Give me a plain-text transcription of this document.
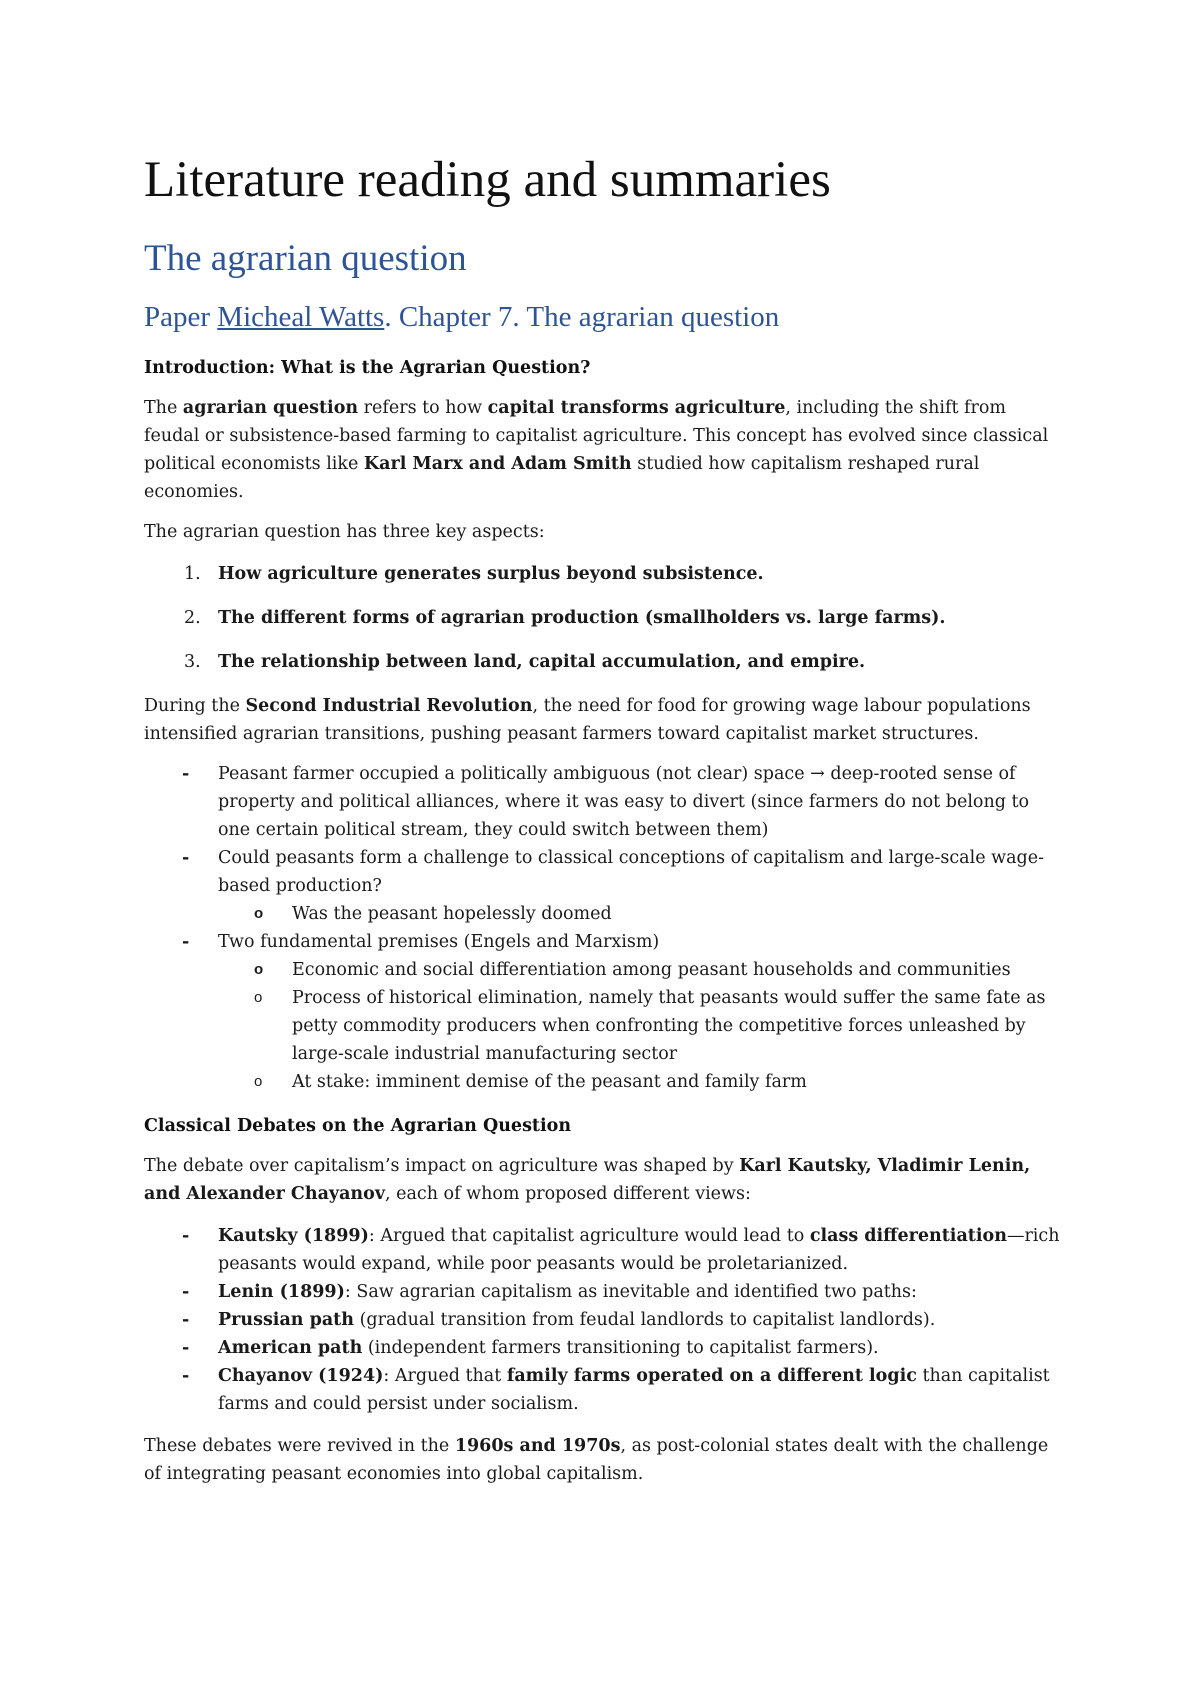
Literature reading and summaries
The agrarian question
Paper Micheal Watts. Chapter 7. The agrarian question
Introduction: What is the Agrarian Question?

The agrarian question refers to how capital transforms agriculture, including the shift from feudal or subsistence-based farming to capitalist agriculture. This concept has evolved since classical political economists like Karl Marx and Adam Smith studied how capitalism reshaped rural economies.

The agrarian question has three key aspects:

1. How agriculture generates surplus beyond subsistence.
2. The different forms of agrarian production (smallholders vs. large farms).
3. The relationship between land, capital accumulation, and empire.

During the Second Industrial Revolution, the need for food for growing wage labour populations intensified agrarian transitions, pushing peasant farmers toward capitalist market structures.

- Peasant farmer occupied a politically ambiguous (not clear) space → deep-rooted sense of property and political alliances, where it was easy to divert (since farmers do not belong to one certain political stream, they could switch between them)
- Could peasants form a challenge to classical conceptions of capitalism and large-scale wage-based production?
o Was the peasant hopelessly doomed
- Two fundamental premises (Engels and Marxism)
o Economic and social differentiation among peasant households and communities
o Process of historical elimination, namely that peasants would suffer the same fate as petty commodity producers when confronting the competitive forces unleashed by large-scale industrial manufacturing sector
o At stake: imminent demise of the peasant and family farm
Classical Debates on the Agrarian Question

The debate over capitalism’s impact on agriculture was shaped by Karl Kautsky, Vladimir Lenin, and Alexander Chayanov, each of whom proposed different views:

- Kautsky (1899): Argued that capitalist agriculture would lead to class differentiation—rich peasants would expand, while poor peasants would be proletarianized.
- Lenin (1899): Saw agrarian capitalism as inevitable and identified two paths:
- Prussian path (gradual transition from feudal landlords to capitalist landlords).
- American path (independent farmers transitioning to capitalist farmers).
- Chayanov (1924): Argued that family farms operated on a different logic than capitalist farms and could persist under socialism.

These debates were revived in the 1960s and 1970s, as post-colonial states dealt with the challenge of integrating peasant economies into global capitalism.
